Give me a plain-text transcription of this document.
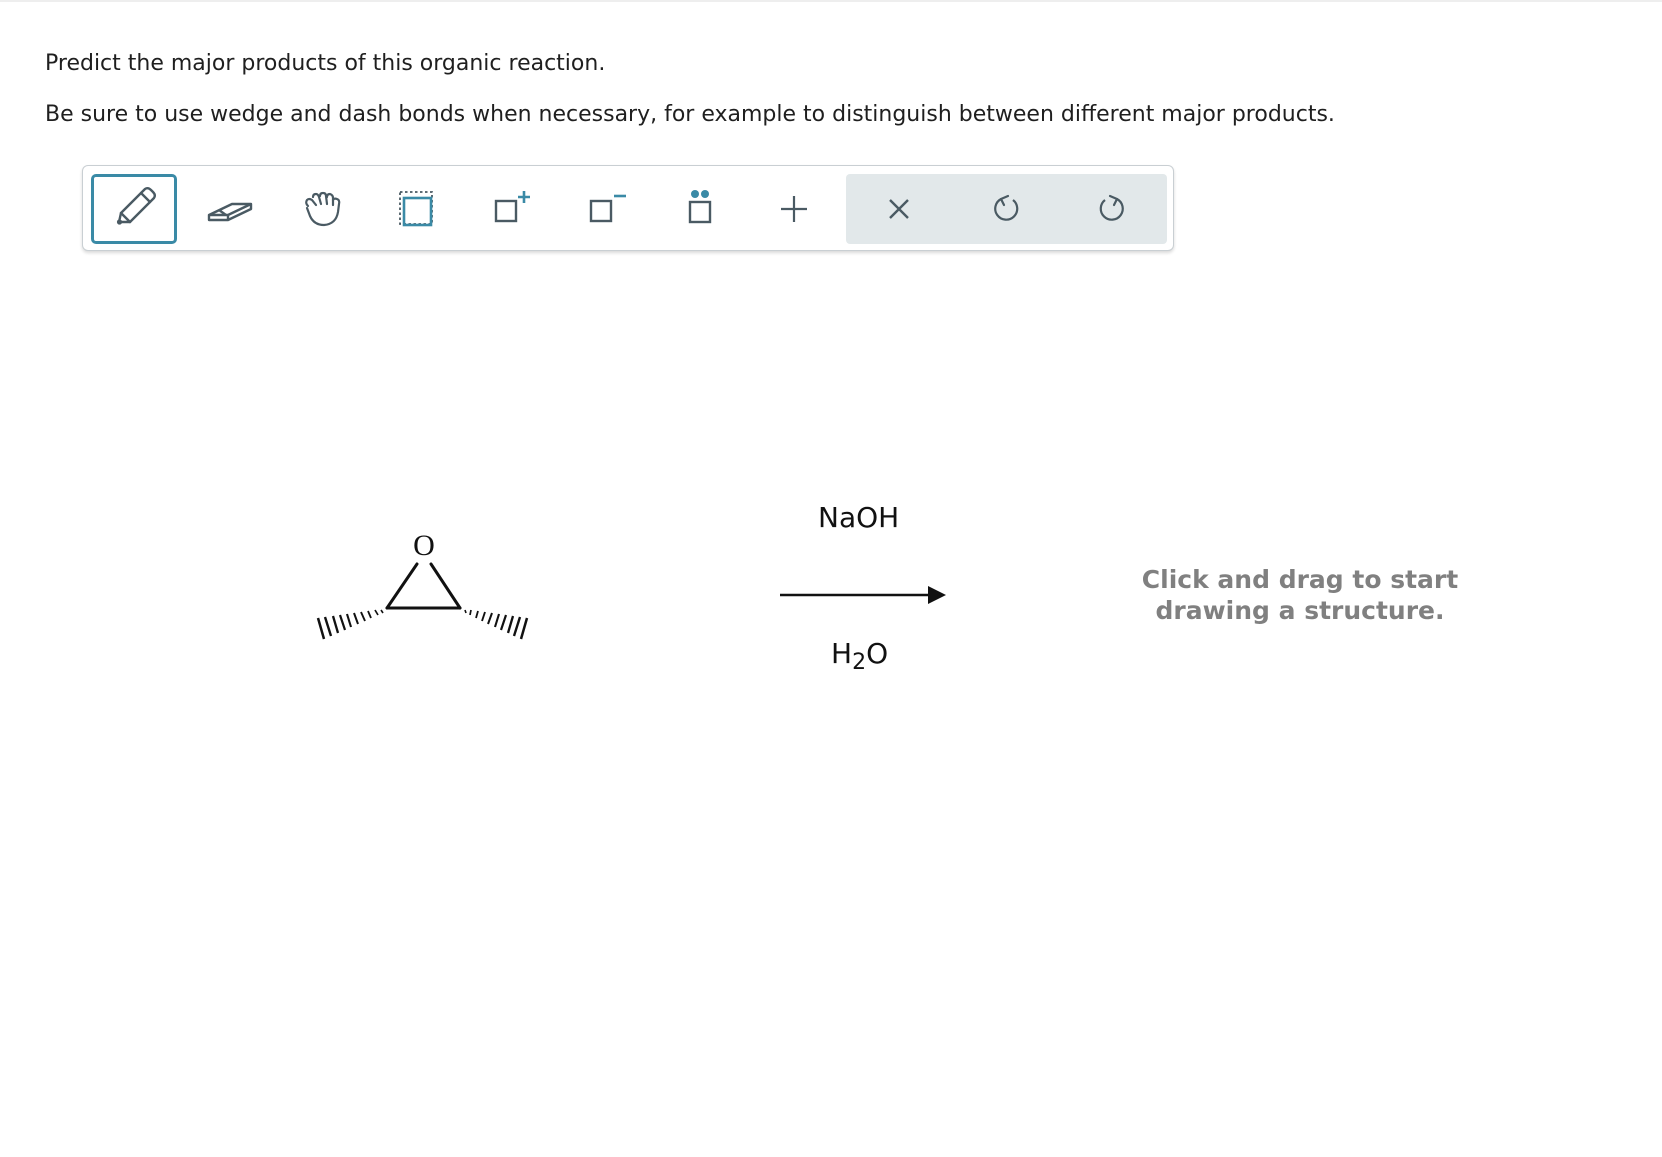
Predict the major products of this organic reaction.
Be sure to use wedge and dash bonds when necessary, for example to distinguish between different major products.
O
NaOH
$H_2O$
Click and drag to start
drawing a structure.
